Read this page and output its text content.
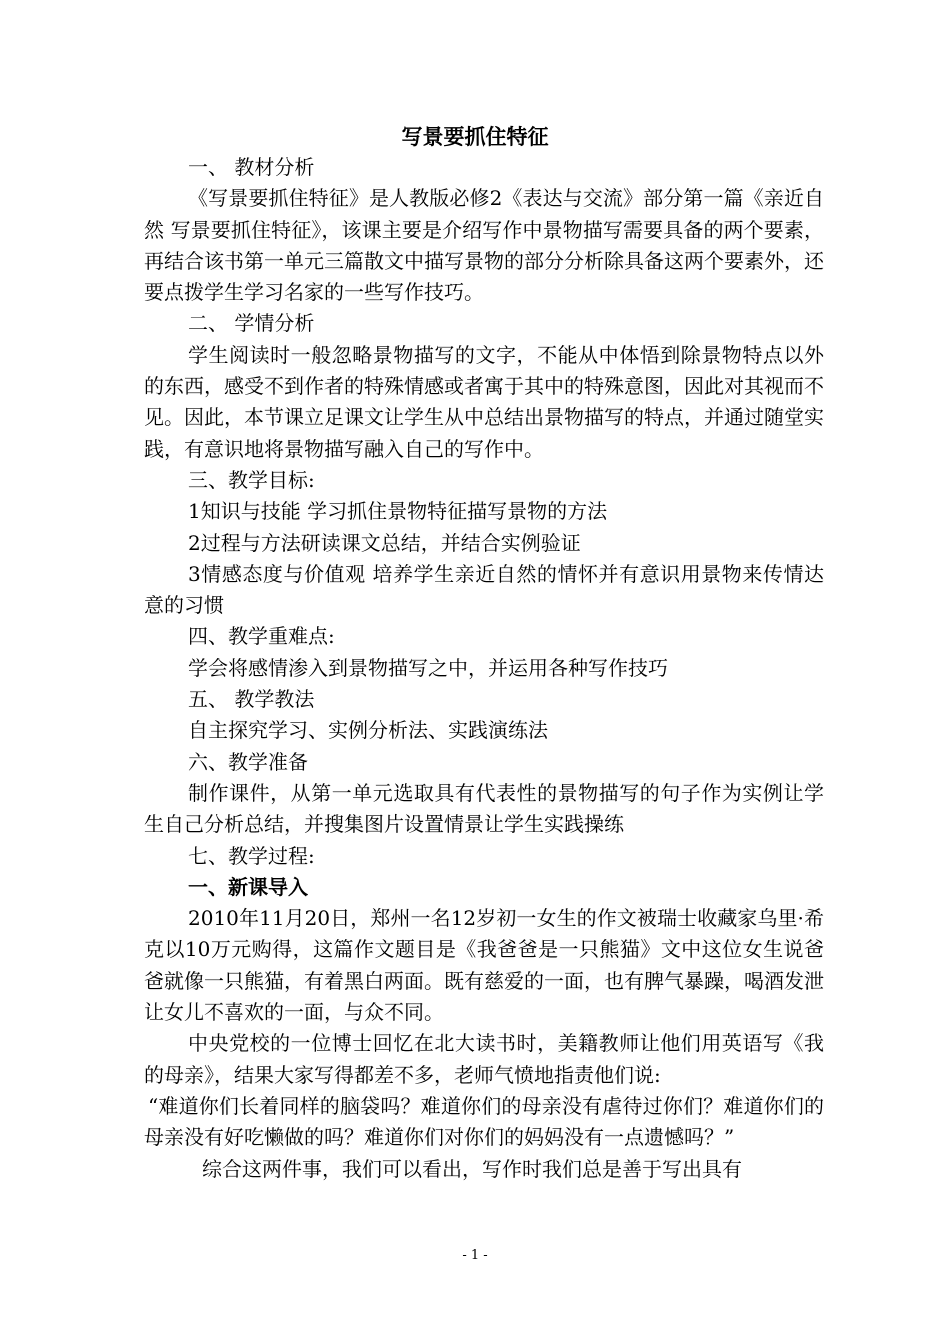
写景要抓住特征

一、 教材分析

《写景要抓住特征》是人教版必修2《表达与交流》部分第一篇《亲近自然 写景要抓住特征》，该课主要是介绍写作中景物描写需要具备的两个要素，再结合该书第一单元三篇散文中描写景物的部分分析除具备这两个要素外，还要点拨学生学习名家的一些写作技巧。

二、 学情分析

学生阅读时一般忽略景物描写的文字，不能从中体悟到除景物特点以外的东西，感受不到作者的特殊情感或者寓于其中的特殊意图，因此对其视而不见。因此，本节课立足课文让学生从中总结出景物描写的特点，并通过随堂实践，有意识地将景物描写融入自己的写作中。

三、教学目标:

1知识与技能 学习抓住景物特征描写景物的方法

2过程与方法研读课文总结，并结合实例验证

3情感态度与价值观 培养学生亲近自然的情怀并有意识用景物来传情达意的习惯

四、教学重难点:

学会将感情渗入到景物描写之中，并运用各种写作技巧

五、 教学教法

自主探究学习、实例分析法、实践演练法

六、教学准备

制作课件，从第一单元选取具有代表性的景物描写的句子作为实例让学生自己分析总结，并搜集图片设置情景让学生实践操练

七、教学过程:

一、新课导入

2010年11月20日，郑州一名12岁初一女生的作文被瑞士收藏家乌里·希克以10万元购得，这篇作文题目是《我爸爸是一只熊猫》文中这位女生说爸爸就像一只熊猫，有着黑白两面。既有慈爱的一面，也有脾气暴躁，喝酒发泄让女儿不喜欢的一面，与众不同。

中央党校的一位博士回忆在北大读书时，美籍教师让他们用英语写《我的母亲》，结果大家写得都差不多，老师气愤地指责他们说:

“难道你们长着同样的脑袋吗？难道你们的母亲没有虐待过你们？难道你们的母亲没有好吃懒做的吗？难道你们对你们的妈妈没有一点遗憾吗？”

综合这两件事，我们可以看出，写作时我们总是善于写出具有

- 1 -
